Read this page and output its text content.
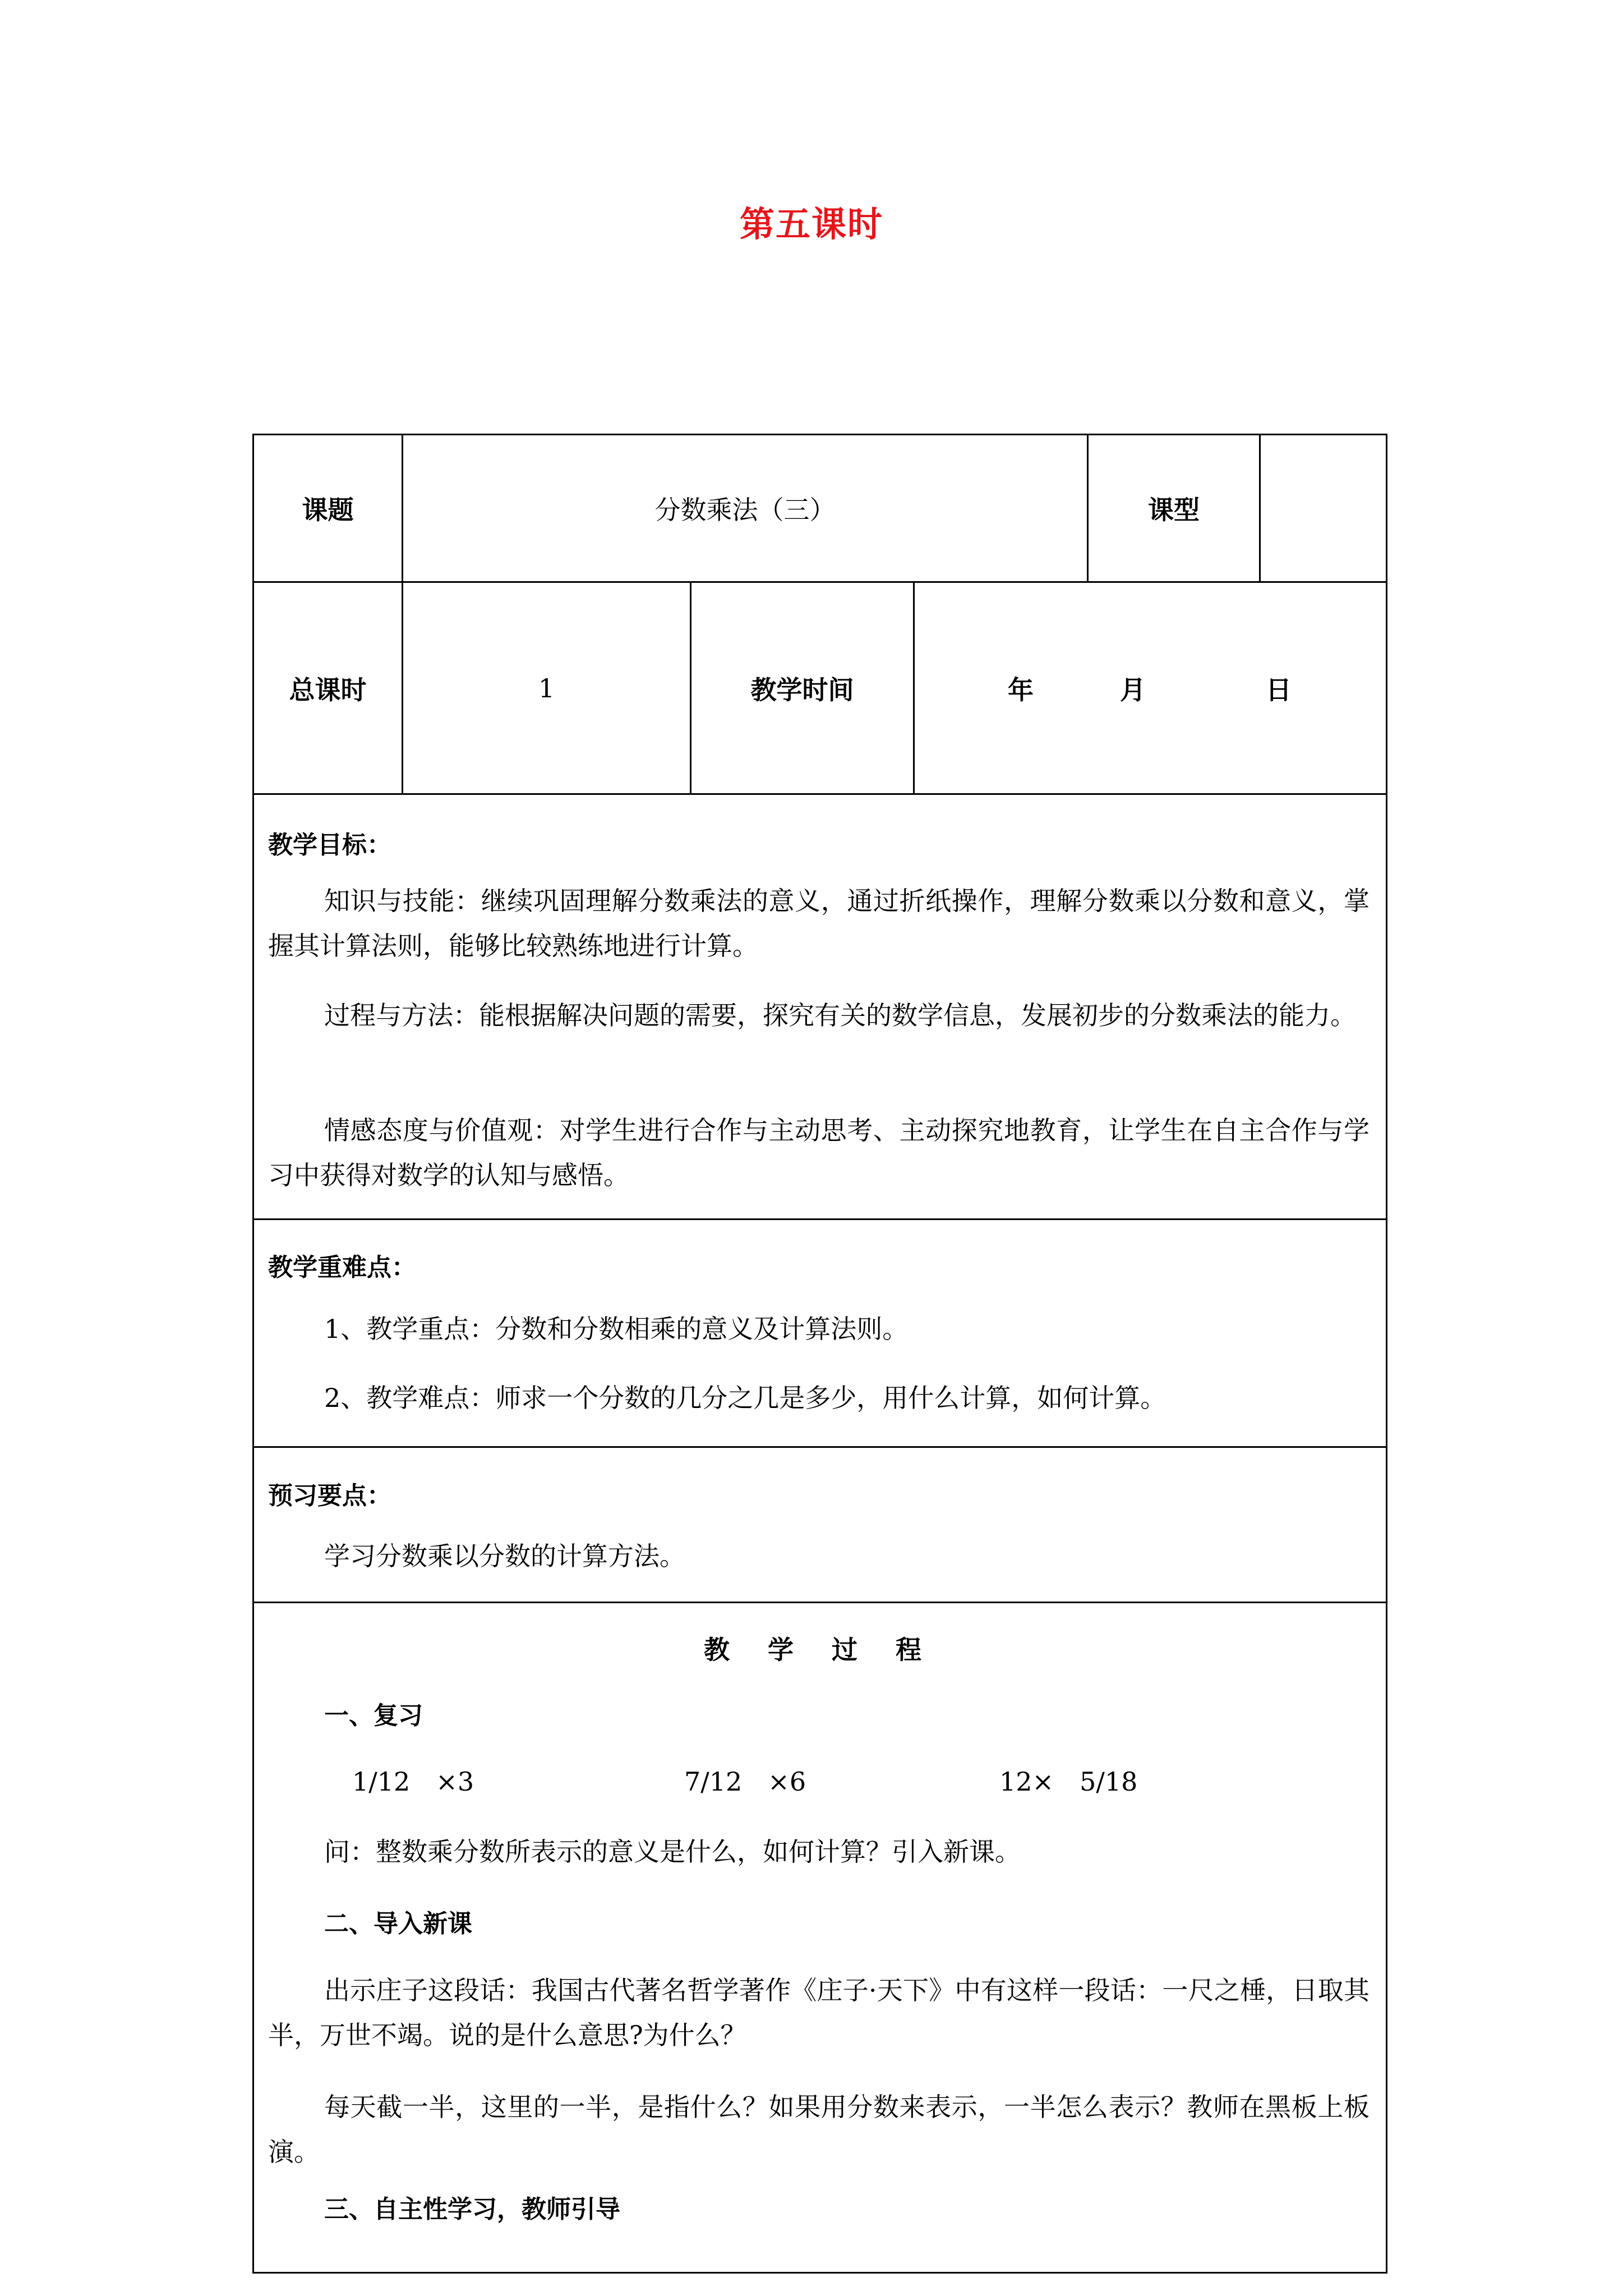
第五课时
课题	分数乘法（三）	课型
总课时	1	教学时间	年	月	日
教学目标：
知识与技能：继续巩固理解分数乘法的意义，通过折纸操作，理解分数乘以分数和意义，掌握其计算法则，能够比较熟练地进行计算。
过程与方法：能根据解决问题的需要，探究有关的数学信息，发展初步的分数乘法的能力。
情感态度与价值观：对学生进行合作与主动思考、主动探究地教育，让学生在自主合作与学习中获得对数学的认知与感悟。
教学重难点：
1、教学重点：分数和分数相乘的意义及计算法则。
2、教学难点：师求一个分数的几分之几是多少，用什么计算，如何计算。
预习要点：
学习分数乘以分数的计算方法。
教 学 过 程
一、复习
1/12　×3	7/12　×6	12×　5/18
问：整数乘分数所表示的意义是什么，如何计算？引入新课。
二、导入新课
出示庄子这段话：我国古代著名哲学著作《庄子·天下》中有这样一段话：一尺之棰，日取其半，万世不竭。说的是什么意思?为什么？
每天截一半，这里的一半，是指什么？如果用分数来表示，一半怎么表示？教师在黑板上板演。
三、自主性学习，教师引导
